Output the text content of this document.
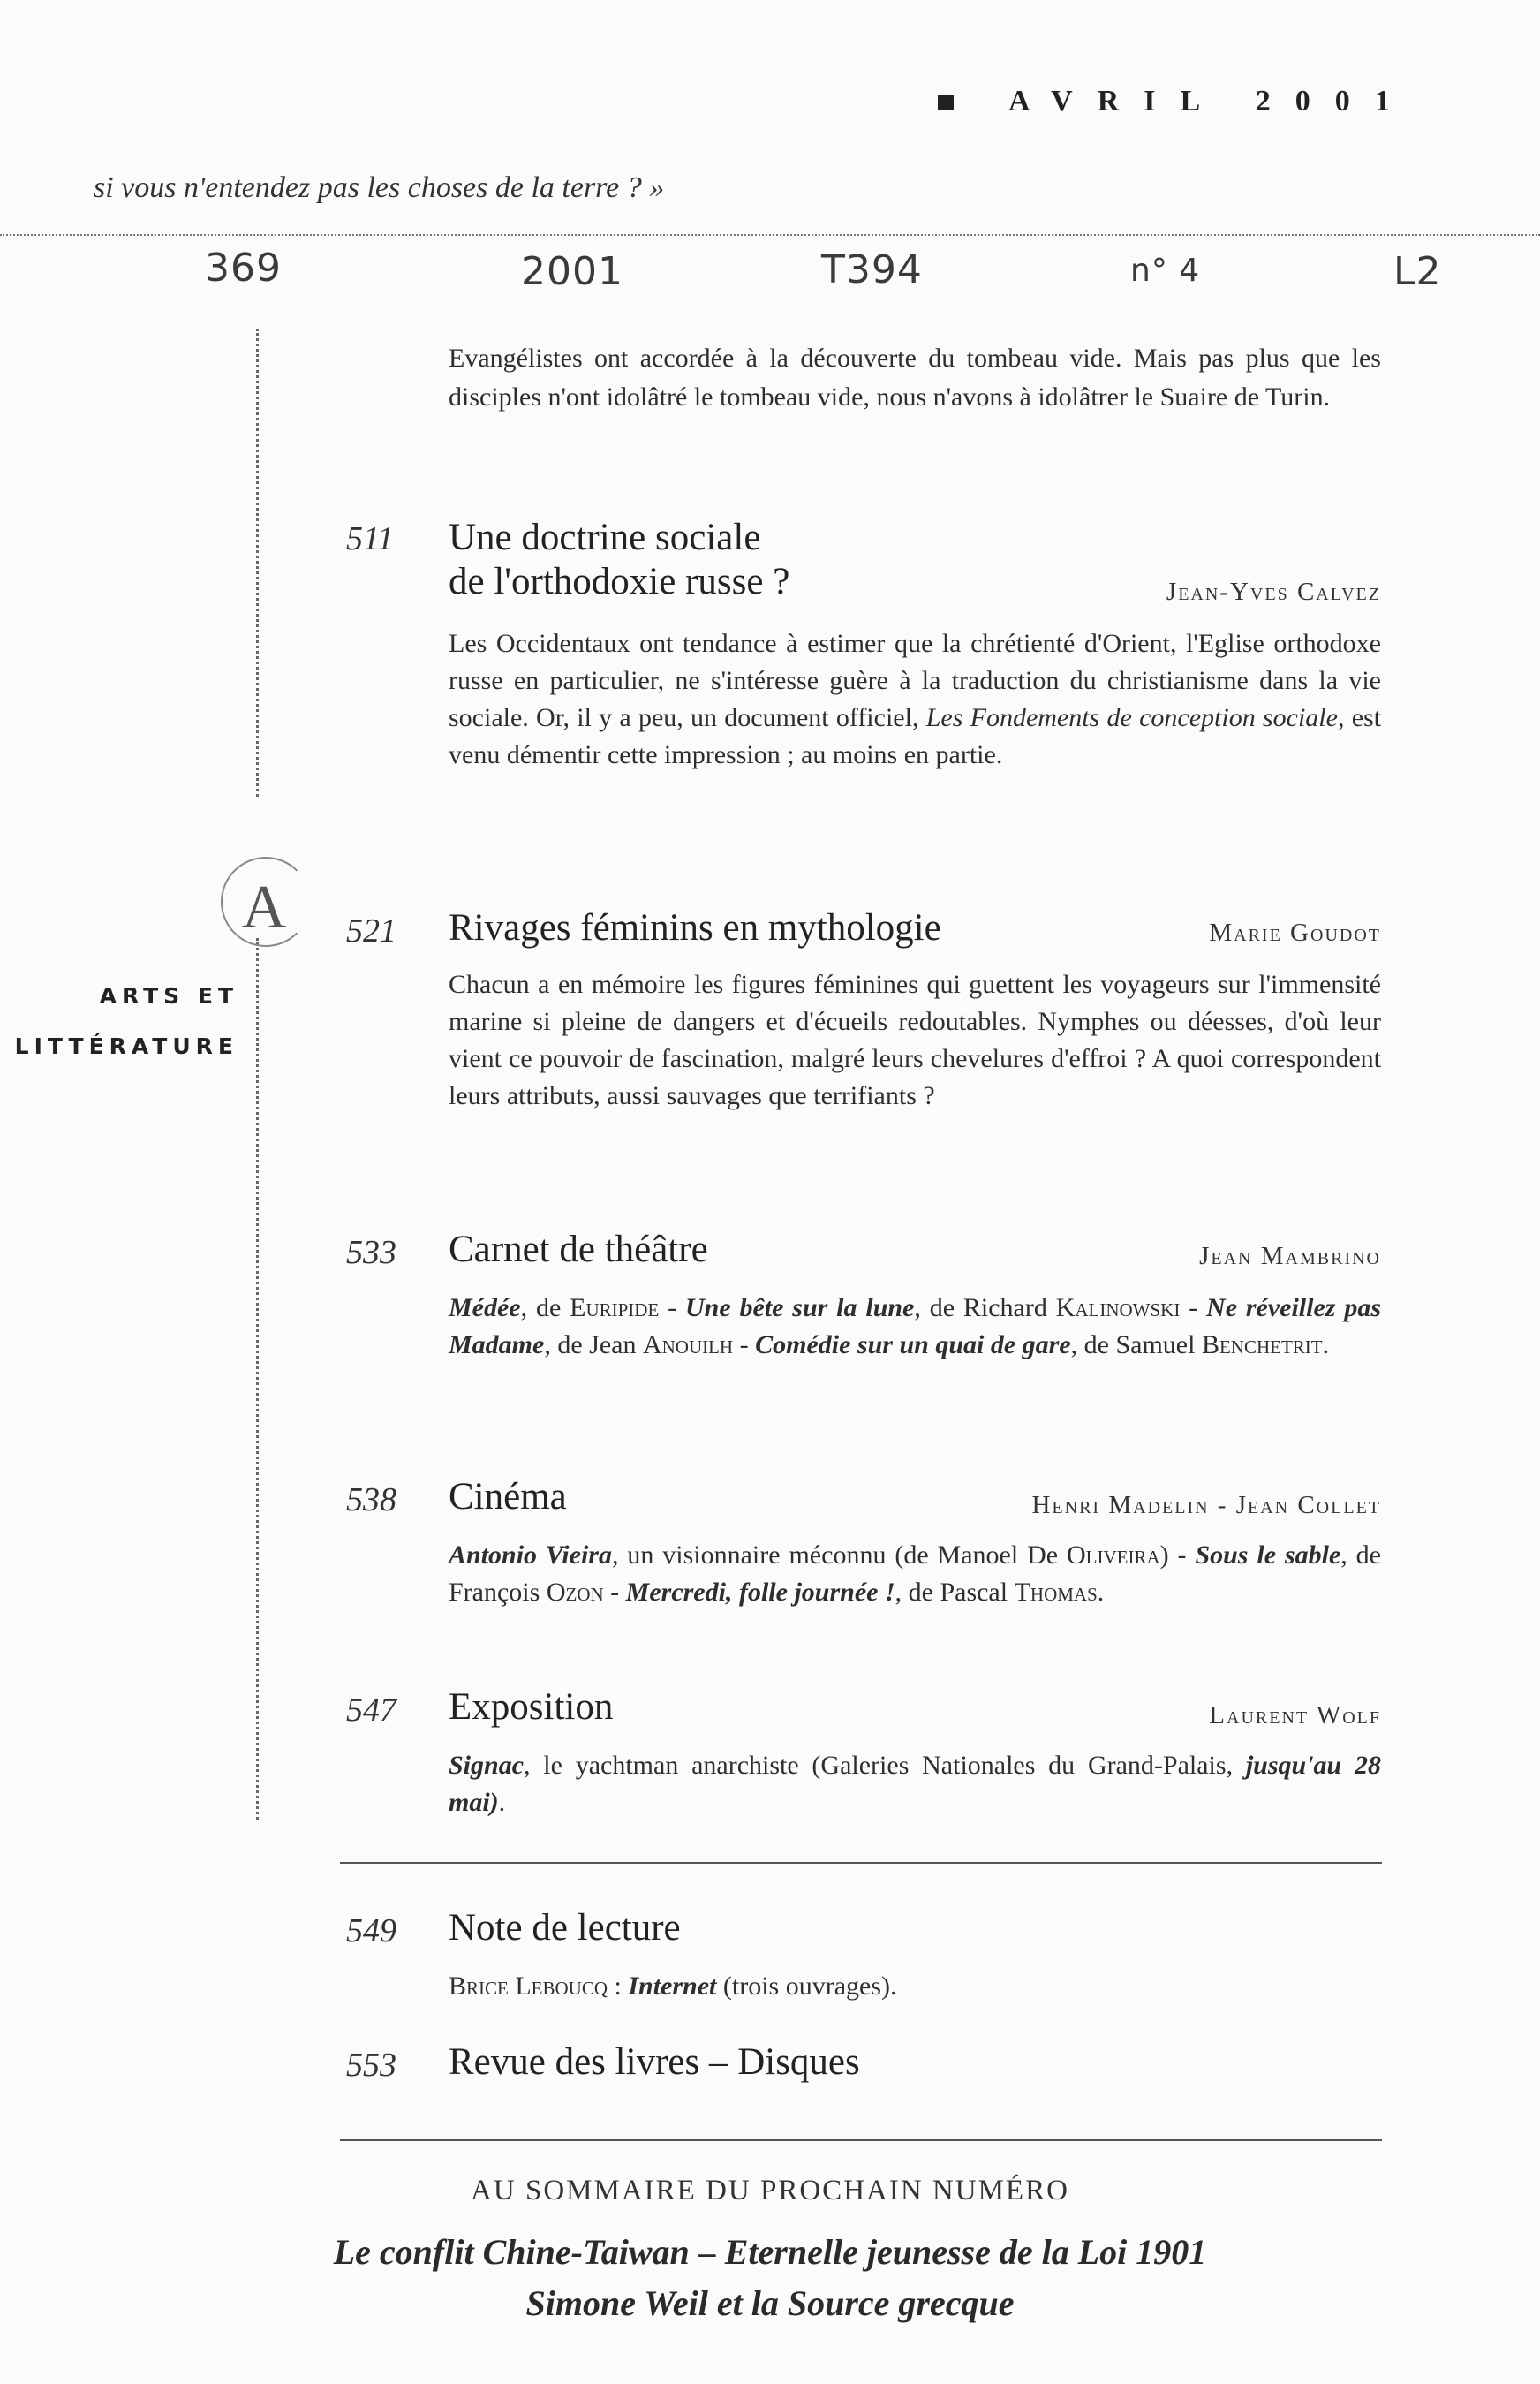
AVRIL 2001
si vous n'entendez pas les choses de la terre ? »
369	2001	T394	n° 4	L2
A
ARTS ET
LITTÉRATURE
Evangélistes ont accordée à la découverte du tombeau vide. Mais pas plus que les disciples n'ont idolâtré le tombeau vide, nous n'avons à idolâtrer le Suaire de Turin.
511 Une doctrine sociale
de l'orthodoxie russe ?	Jean-Yves Calvez
Les Occidentaux ont tendance à estimer que la chrétienté d'Orient, l'Eglise orthodoxe russe en particulier, ne s'intéresse guère à la traduction du christianisme dans la vie sociale. Or, il y a peu, un document officiel, Les Fondements de conception sociale, est venu démentir cette impression ; au moins en partie.
521 Rivages féminins en mythologie	Marie Goudot
Chacun a en mémoire les figures féminines qui guettent les voyageurs sur l'immensité marine si pleine de dangers et d'écueils redoutables. Nymphes ou déesses, d'où leur vient ce pouvoir de fascination, malgré leurs chevelures d'effroi ? A quoi correspondent leurs attributs, aussi sauvages que terrifiants ?
533 Carnet de théâtre	Jean Mambrino
Médée, de Euripide - Une bête sur la lune, de Richard Kalinowski - Ne réveillez pas Madame, de Jean Anouilh - Comédie sur un quai de gare, de Samuel Benchetrit.
538 Cinéma	Henri Madelin - Jean Collet
Antonio Vieira, un visionnaire méconnu (de Manoel De Oliveira) - Sous le sable, de François Ozon - Mercredi, folle journée !, de Pascal Thomas.
547 Exposition	Laurent Wolf
Signac, le yachtman anarchiste (Galeries Nationales du Grand-Palais, jusqu'au 28 mai).
549 Note de lecture
Brice Leboucq : Internet (trois ouvrages).
553 Revue des livres – Disques
AU SOMMAIRE DU PROCHAIN NUMÉRO
Le conflit Chine-Taiwan – Eternelle jeunesse de la Loi 1901
Simone Weil et la Source grecque
